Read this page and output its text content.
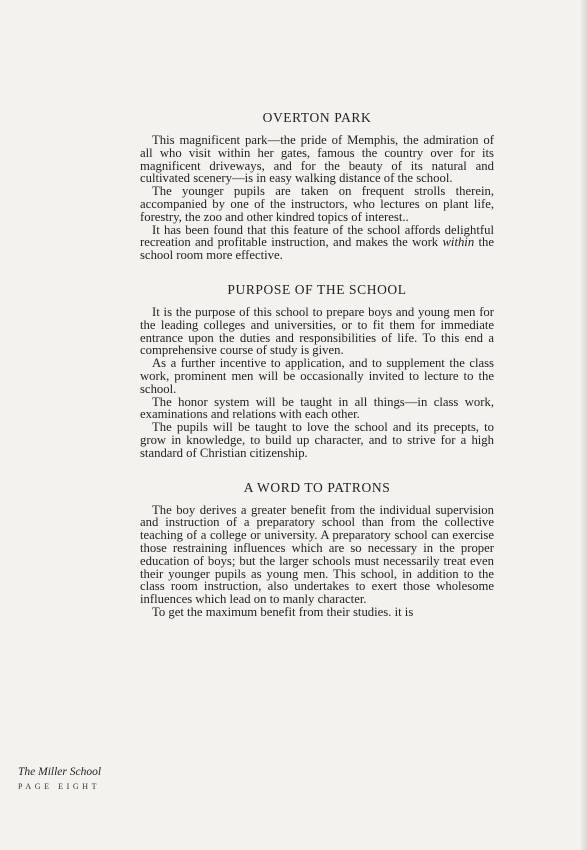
OVERTON PARK

This magnificent park—the pride of Memphis, the admiration of all who visit within her gates, famous the country over for its magnificent driveways, and for the beauty of its natural and cultivated scenery—is in easy walking distance of the school.

The younger pupils are taken on frequent strolls therein, accompanied by one of the instructors, who lectures on plant life, forestry, the zoo and other kindred topics of interest..

It has been found that this feature of the school affords delightful recreation and profitable instruction, and makes the work within the school room more effective.

PURPOSE OF THE SCHOOL

It is the purpose of this school to prepare boys and young men for the leading colleges and universities, or to fit them for immediate entrance upon the duties and responsibilities of life. To this end a comprehensive course of study is given.

As a further incentive to application, and to supplement the class work, prominent men will be occasionally invited to lecture to the school.

The honor system will be taught in all things—in class work, examinations and relations with each other.

The pupils will be taught to love the school and its precepts, to grow in knowledge, to build up character, and to strive for a high standard of Christian citizenship.

A WORD TO PATRONS

The boy derives a greater benefit from the individual supervision and instruction of a preparatory school than from the collective teaching of a college or university. A preparatory school can exercise those restraining influences which are so necessary in the proper education of boys; but the larger schools must necessarily treat even their younger pupils as young men. This school, in addition to the class room instruction, also undertakes to exert those wholesome influences which lead on to manly character.

To get the maximum benefit from their studies. it is

The Miller School
PAGE EIGHT
